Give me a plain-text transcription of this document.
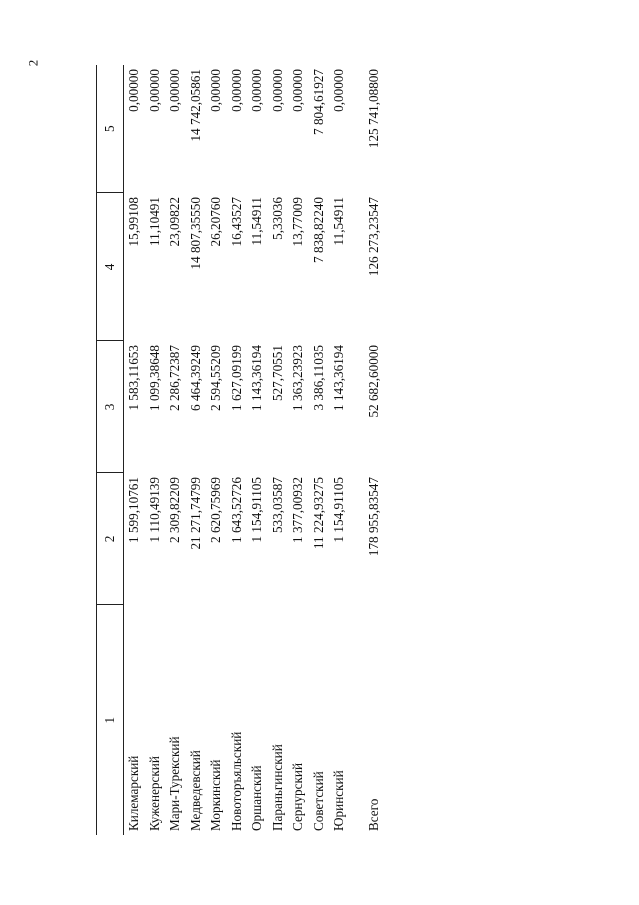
2
1	2	3	4	5
Килемарский	1 599,10761	1 583,11653	15,99108	0,00000
Куженерский	1 110,49139	1 099,38648	11,10491	0,00000
Мари-Турекский	2 309,82209	2 286,72387	23,09822	0,00000
Медведевский	21 271,74799	6 464,39249	14 807,35550	14 742,05861
Моркинский	2 620,75969	2 594,55209	26,20760	0,00000
Новоторъяльский	1 643,52726	1 627,09199	16,43527	0,00000
Оршанский	1 154,91105	1 143,36194	11,54911	0,00000
Параньгинский	533,03587	527,70551	5,33036	0,00000
Сернурский	1 377,00932	1 363,23923	13,77009	0,00000
Советский	11 224,93275	3 386,11035	7 838,82240	7 804,61927
Юринский	1 154,91105	1 143,36194	11,54911	0,00000

Всего	178 955,83547	52 682,60000	126 273,23547	125 741,08800
